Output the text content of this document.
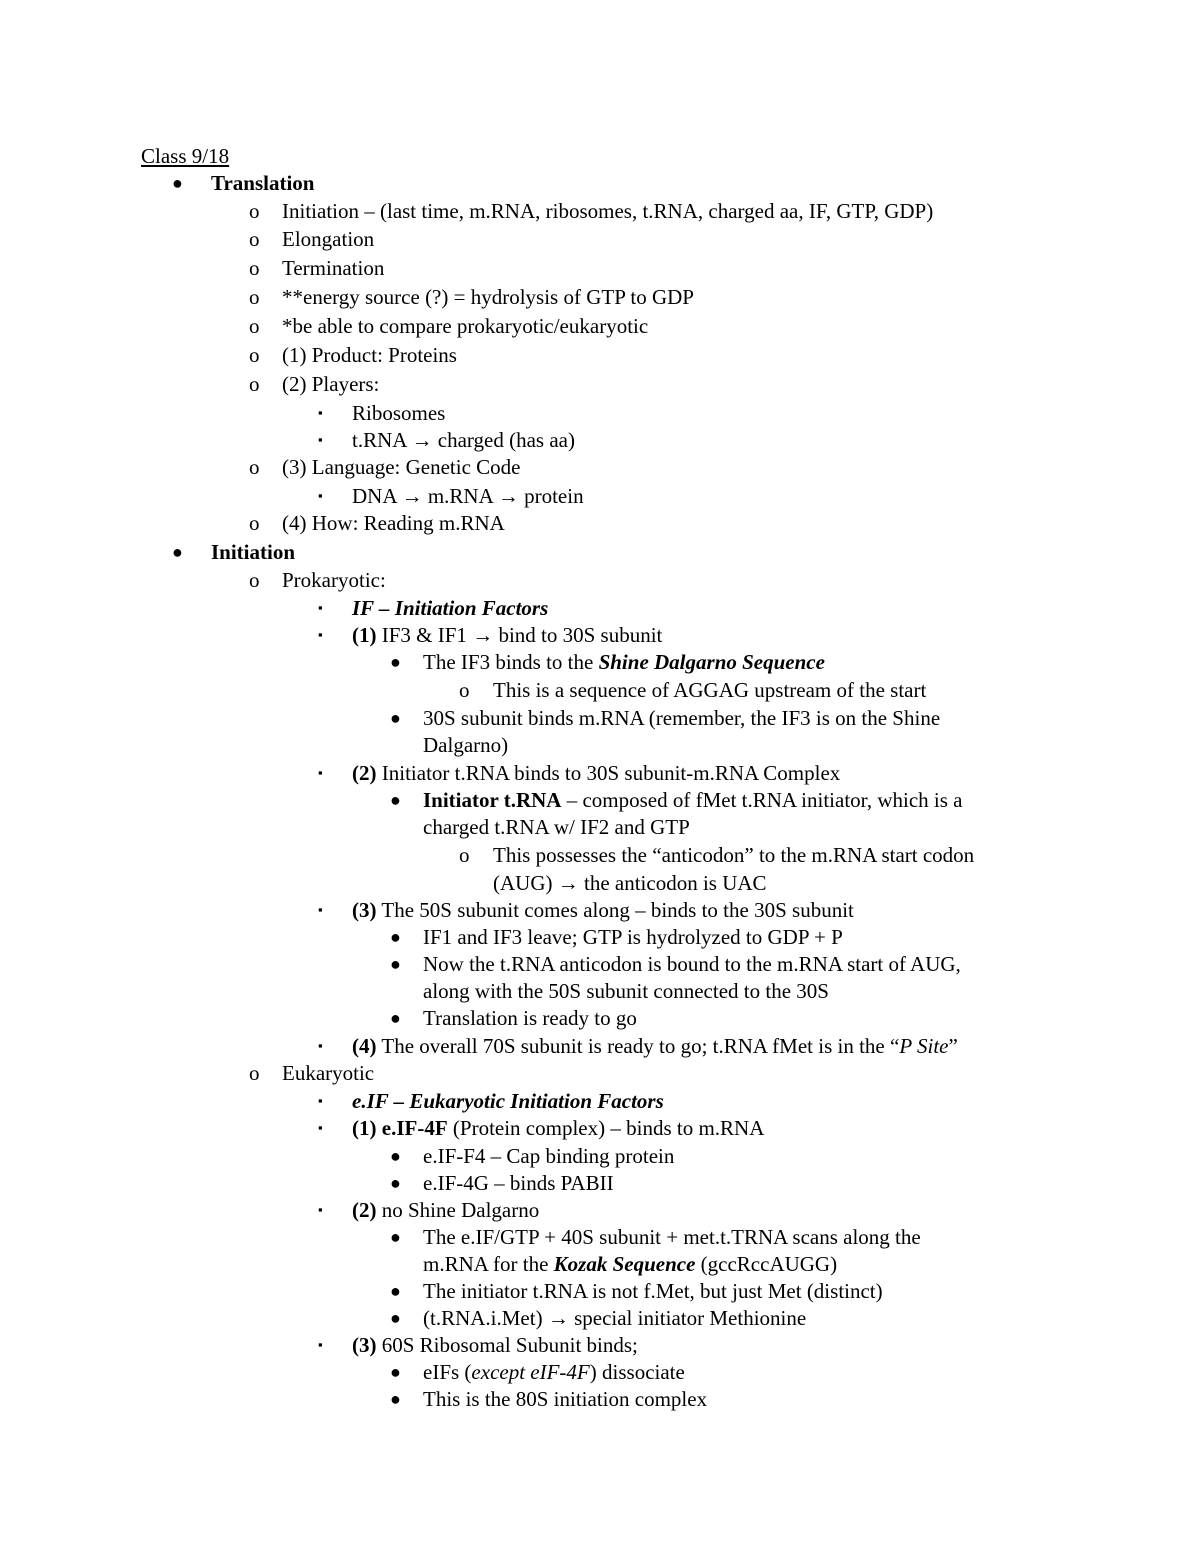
Class 9/18
● Translation
o Initiation – (last time, m.RNA, ribosomes, t.RNA, charged aa, IF, GTP, GDP)
o Elongation
o Termination
o **energy source (?) = hydrolysis of GTP to GDP
o *be able to compare prokaryotic/eukaryotic
o (1) Product: Proteins
o (2) Players:
▪ Ribosomes
▪ t.RNA → charged (has aa)
o (3) Language: Genetic Code
▪ DNA → m.RNA → protein
o (4) How: Reading m.RNA
● Initiation
o Prokaryotic:
▪ IF – Initiation Factors
▪ (1) IF3 & IF1 → bind to 30S subunit
● The IF3 binds to the Shine Dalgarno Sequence
o This is a sequence of AGGAG upstream of the start
● 30S subunit binds m.RNA (remember, the IF3 is on the Shine
Dalgarno)
▪ (2) Initiator t.RNA binds to 30S subunit-m.RNA Complex
● Initiator t.RNA – composed of fMet t.RNA initiator, which is a
charged t.RNA w/ IF2 and GTP
o This possesses the “anticodon” to the m.RNA start codon
(AUG) → the anticodon is UAC
▪ (3) The 50S subunit comes along – binds to the 30S subunit
● IF1 and IF3 leave; GTP is hydrolyzed to GDP + P
● Now the t.RNA anticodon is bound to the m.RNA start of AUG,
along with the 50S subunit connected to the 30S
● Translation is ready to go
▪ (4) The overall 70S subunit is ready to go; t.RNA fMet is in the “P Site”
o Eukaryotic
▪ e.IF – Eukaryotic Initiation Factors
▪ (1) e.IF-4F (Protein complex) – binds to m.RNA
● e.IF-F4 – Cap binding protein
● e.IF-4G – binds PABII
▪ (2) no Shine Dalgarno
● The e.IF/GTP + 40S subunit + met.t.TRNA scans along the
m.RNA for the Kozak Sequence (gccRccAUGG)
● The initiator t.RNA is not f.Met, but just Met (distinct)
● (t.RNA.i.Met) → special initiator Methionine
▪ (3) 60S Ribosomal Subunit binds;
● eIFs (except eIF-4F) dissociate
● This is the 80S initiation complex
